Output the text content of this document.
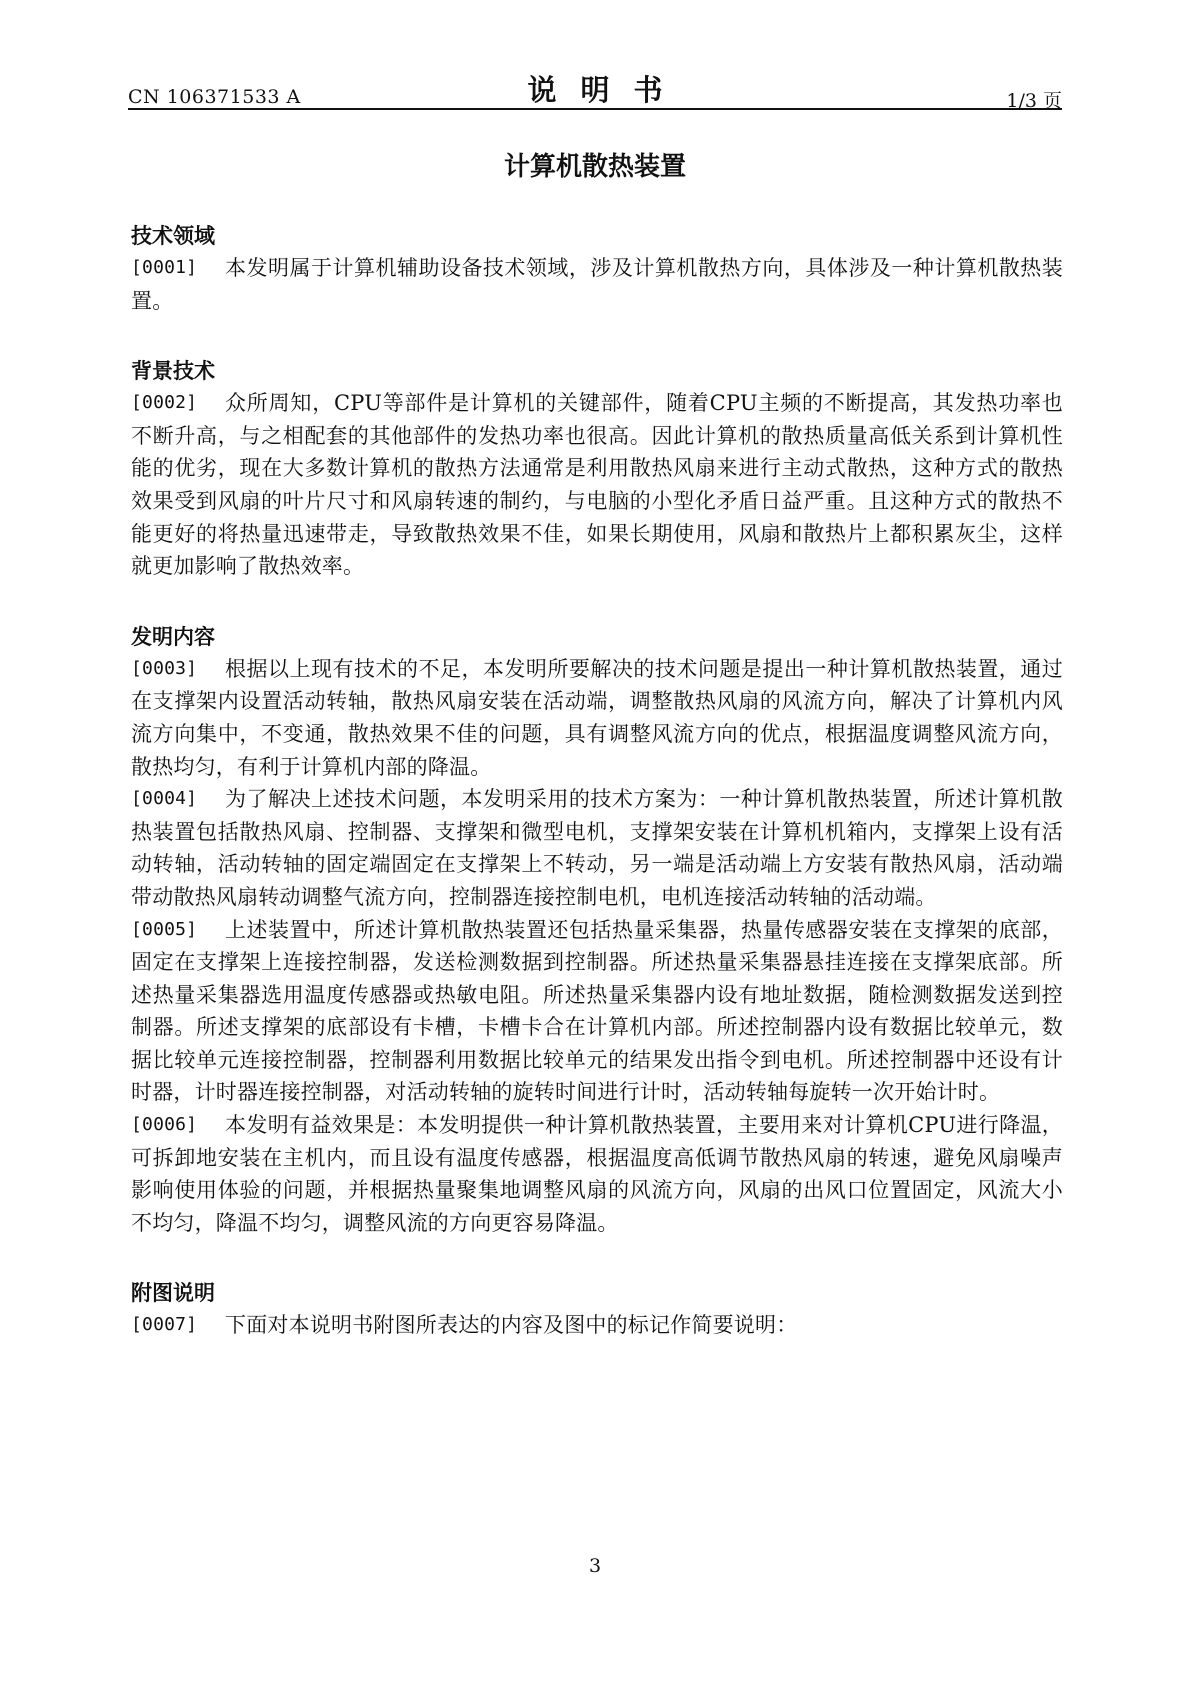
CN 106371533 A	说明书	1/3 页
计算机散热装置
技术领域
[0001] 本发明属于计算机辅助设备技术领域，涉及计算机散热方向，具体涉及一种计算机散热装置。
背景技术
[0002] 众所周知，CPU等部件是计算机的关键部件，随着CPU主频的不断提高，其发热功率也不断升高，与之相配套的其他部件的发热功率也很高。因此计算机的散热质量高低关系到计算机性能的优劣，现在大多数计算机的散热方法通常是利用散热风扇来进行主动式散热，这种方式的散热效果受到风扇的叶片尺寸和风扇转速的制约，与电脑的小型化矛盾日益严重。且这种方式的散热不能更好的将热量迅速带走，导致散热效果不佳，如果长期使用，风扇和散热片上都积累灰尘，这样就更加影响了散热效率。
发明内容
[0003] 根据以上现有技术的不足，本发明所要解决的技术问题是提出一种计算机散热装置，通过在支撑架内设置活动转轴，散热风扇安装在活动端，调整散热风扇的风流方向，解决了计算机内风流方向集中，不变通，散热效果不佳的问题，具有调整风流方向的优点，根据温度调整风流方向，散热均匀，有利于计算机内部的降温。
[0004] 为了解决上述技术问题，本发明采用的技术方案为：一种计算机散热装置，所述计算机散热装置包括散热风扇、控制器、支撑架和微型电机，支撑架安装在计算机机箱内，支撑架上设有活动转轴，活动转轴的固定端固定在支撑架上不转动，另一端是活动端上方安装有散热风扇，活动端带动散热风扇转动调整气流方向，控制器连接控制电机，电机连接活动转轴的活动端。
[0005] 上述装置中，所述计算机散热装置还包括热量采集器，热量传感器安装在支撑架的底部，固定在支撑架上连接控制器，发送检测数据到控制器。所述热量采集器悬挂连接在支撑架底部。所述热量采集器选用温度传感器或热敏电阻。所述热量采集器内设有地址数据，随检测数据发送到控制器。所述支撑架的底部设有卡槽，卡槽卡合在计算机内部。所述控制器内设有数据比较单元，数据比较单元连接控制器，控制器利用数据比较单元的结果发出指令到电机。所述控制器中还设有计时器，计时器连接控制器，对活动转轴的旋转时间进行计时，活动转轴每旋转一次开始计时。
[0006] 本发明有益效果是：本发明提供一种计算机散热装置，主要用来对计算机CPU进行降温，可拆卸地安装在主机内，而且设有温度传感器，根据温度高低调节散热风扇的转速，避免风扇噪声影响使用体验的问题，并根据热量聚集地调整风扇的风流方向，风扇的出风口位置固定，风流大小不均匀，降温不均匀，调整风流的方向更容易降温。
附图说明
[0007] 下面对本说明书附图所表达的内容及图中的标记作简要说明：
3
